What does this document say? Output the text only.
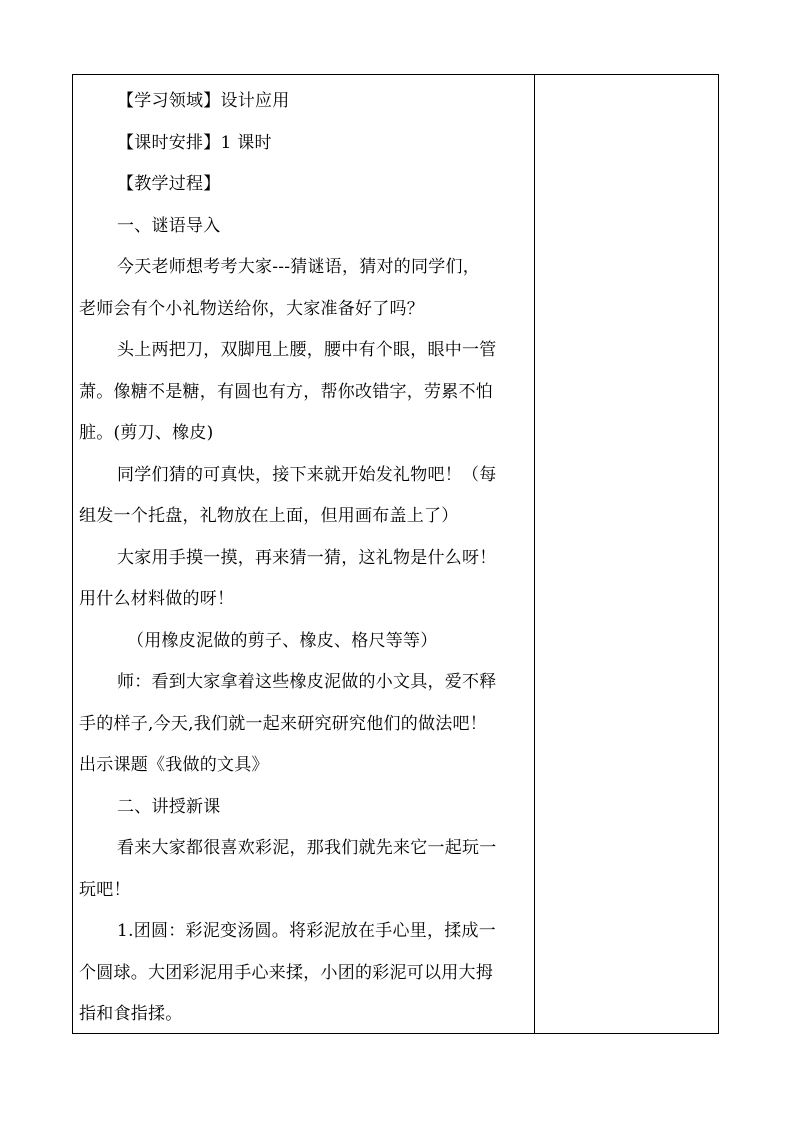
【学习领域】设计应用
【课时安排】1 课时
【教学过程】
一、谜语导入
今天老师想考考大家---猜谜语，猜对的同学们，
老师会有个小礼物送给你，大家准备好了吗？
头上两把刀，双脚甩上腰，腰中有个眼，眼中一管
萧。像糖不是糖，有圆也有方，帮你改错字，劳累不怕
脏。(剪刀、橡皮)
同学们猜的可真快，接下来就开始发礼物吧！（每
组发一个托盘，礼物放在上面，但用画布盖上了）
大家用手摸一摸，再来猜一猜，这礼物是什么呀！
用什么材料做的呀！
（用橡皮泥做的剪子、橡皮、格尺等等）
师：看到大家拿着这些橡皮泥做的小文具，爱不释
手的样子,今天,我们就一起来研究研究他们的做法吧！
出示课题《我做的文具》
二、讲授新课
看来大家都很喜欢彩泥，那我们就先来它一起玩一
玩吧！
1.团圆：彩泥变汤圆。将彩泥放在手心里，揉成一
个圆球。大团彩泥用手心来揉，小团的彩泥可以用大拇
指和食指揉。
